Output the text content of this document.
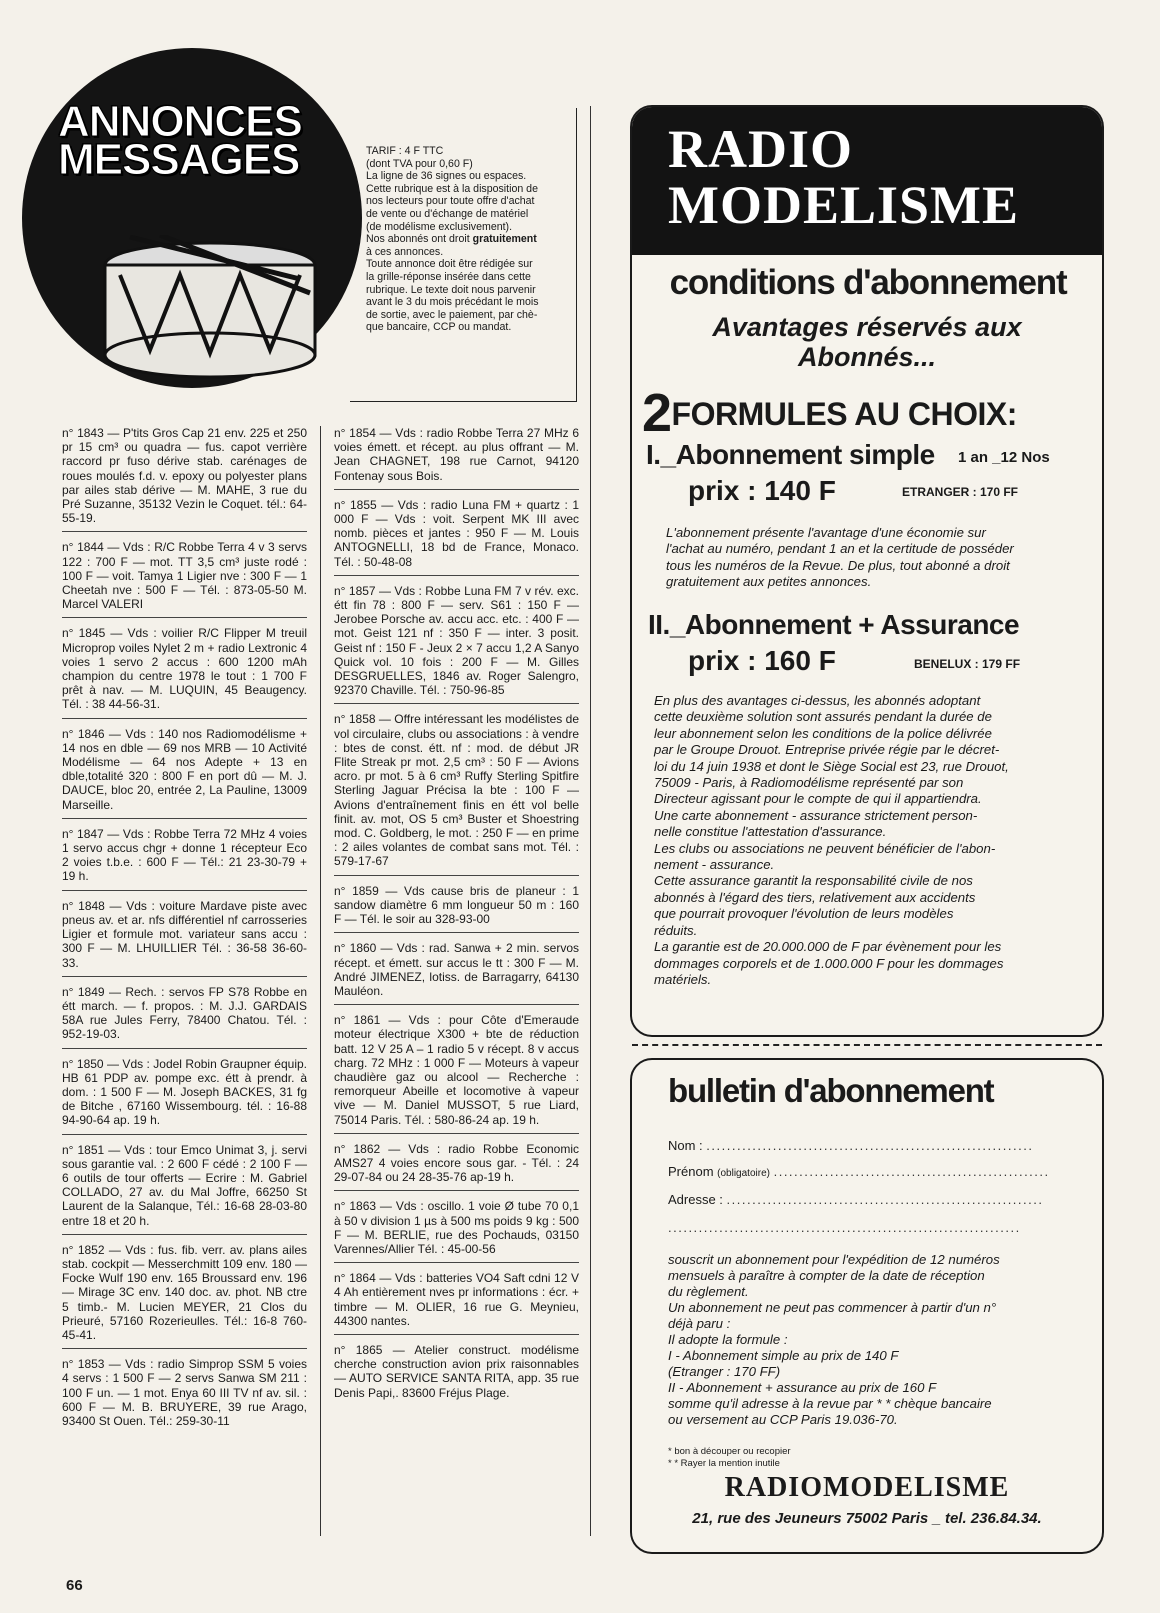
ANNONCES
MESSAGES	TARIF : 4 F TTC
(dont TVA pour 0,60 F)
La ligne de 36 signes ou espaces.
Cette rubrique est à la disposition de
nos lecteurs pour toute offre d'achat
de vente ou d'échange de matériel
(de modélisme exclusivement).
Nos abonnés ont droit gratuitement
à ces annonces.
Toute annonce doit être rédigée sur
la grille-réponse insérée dans cette
rubrique. Le texte doit nous parvenir
avant le 3 du mois précédant le mois
de sortie, avec le paiement, par chè-
que bancaire, CCP ou mandat.

n° 1843 — P'tits Gros Cap 21 env. 225 et 250 pr 15 cm³ ou quadra — fus. capot verrière raccord pr fuso dérive stab. carénages de roues moulés f.d. v. epoxy ou polyester plans par ailes stab dérive — M. MAHE, 3 rue du Pré Suzanne, 35132 Vezin le Coquet. tél.: 64-55-19.

n° 1844 — Vds : R/C Robbe Terra 4 v 3 servs 122 : 700 F — mot. TT 3,5 cm³ juste rodé : 100 F — voit. Tamya 1 Ligier nve : 300 F — 1 Cheetah nve : 500 F — Tél. : 873-05-50 M. Marcel VALERI

n° 1845 — Vds : voilier R/C Flipper M treuil Microprop voiles Nylet 2 m + radio Lextronic 4 voies 1 servo 2 accus : 600 1200 mAh champion du centre 1978 le tout : 1 700 F prêt à nav. — M. LUQUIN, 45 Beaugency. Tél. : 38 44-56-31.

n° 1846 — Vds : 140 nos Radiomodélisme + 14 nos en dble — 69 nos MRB — 10 Activité Modélisme — 64 nos Adepte + 13 en dble,totalité 320 : 800 F en port dû — M. J. DAUCE, bloc 20, entrée 2, La Pauline, 13009 Marseille.

n° 1847 — Vds : Robbe Terra 72 MHz 4 voies 1 servo accus chgr + donne 1 récepteur Eco 2 voies t.b.e. : 600 F — Tél.: 21 23-30-79 + 19 h.

n° 1848 — Vds : voiture Mardave piste avec pneus av. et ar. nfs différentiel nf carrosseries Ligier et formule mot. variateur sans accu : 300 F — M. LHUILLIER Tél. : 36-58 36-60-33.

n° 1849 — Rech. : servos FP S78 Robbe en étt march. — f. propos. : M. J.J. GARDAIS 58A rue Jules Ferry, 78400 Chatou. Tél. : 952-19-03.

n° 1850 — Vds : Jodel Robin Graupner équip. HB 61 PDP av. pompe exc. étt à prendr. à dom. : 1 500 F — M. Joseph BACKES, 31 fg de Bitche , 67160 Wissembourg. tél. : 16-88 94-90-64 ap. 19 h.

n° 1851 — Vds : tour Emco Unimat 3, j. servi sous garantie val. : 2 600 F cédé : 2 100 F — 6 outils de tour offerts — Ecrire : M. Gabriel COLLADO, 27 av. du Mal Joffre, 66250 St Laurent de la Salanque, Tél.: 16-68 28-03-80 entre 18 et 20 h.

n° 1852 — Vds : fus. fib. verr. av. plans ailes stab. cockpit — Messerchmitt 109 env. 180 — Focke Wulf 190 env. 165 Broussard env. 196 — Mirage 3C env. 140 doc. av. phot. NB ctre 5 timb.- M. Lucien MEYER, 21 Clos du Prieuré, 57160 Rozerieulles. Tél.: 16-8 760-45-41.

n° 1853 — Vds : radio Simprop SSM 5 voies 4 servs : 1 500 F — 2 servs Sanwa SM 211 : 100 F un. — 1 mot. Enya 60 III TV nf av. sil. : 600 F — M. B. BRUYERE, 39 rue Arago, 93400 St Ouen. Tél.: 259-30-11

n° 1854 — Vds : radio Robbe Terra 27 MHz 6 voies émett. et récept. au plus offrant — M. Jean CHAGNET, 198 rue Carnot, 94120 Fontenay sous Bois.

n° 1855 — Vds : radio Luna FM + quartz : 1 000 F — Vds : voit. Serpent MK III avec nomb. pièces et jantes : 950 F — M. Louis ANTOGNELLI, 18 bd de France, Monaco. Tél. : 50-48-08

n° 1857 — Vds : Robbe Luna FM 7 v rév. exc. étt fin 78 : 800 F — serv. S61 : 150 F — Jerobee Porsche av. accu acc. etc. : 400 F — mot. Geist 121 nf : 350 F — inter. 3 posit. Geist nf : 150 F - Jeux 2 × 7 accu 1,2 A Sanyo Quick vol. 10 fois : 200 F — M. Gilles DESGRUELLES, 1846 av. Roger Salengro, 92370 Chaville. Tél. : 750-96-85

n° 1858 — Offre intéressant les modélistes de vol circulaire, clubs ou associations : à vendre : btes de const. étt. nf : mod. de début JR Flite Streak pr mot. 2,5 cm³ : 50 F — Avions acro. pr mot. 5 à 6 cm³ Ruffy Sterling Spitfire Sterling Jaguar Précisa la bte : 100 F — Avions d'entraînement finis en étt vol belle finit. av. mot, OS 5 cm³ Buster et Shoestring mod. C. Goldberg, le mot. : 250 F — en prime : 2 ailes volantes de combat sans mot. Tél. : 579-17-67

n° 1859 — Vds cause bris de planeur : 1 sandow diamètre 6 mm longueur 50 m : 160 F — Tél. le soir au 328-93-00

n° 1860 — Vds : rad. Sanwa + 2 min. servos récept. et émett. sur accus le tt : 300 F — M. André JIMENEZ, lotiss. de Barragarry, 64130 Mauléon.

n° 1861 — Vds : pour Côte d'Emeraude moteur électrique X300 + bte de réduction batt. 12 V 25 A – 1 radio 5 v récept. 8 v accus charg. 72 MHz : 1 000 F — Moteurs à vapeur chaudière gaz ou alcool — Recherche : remorqueur Abeille et locomotive à vapeur vive — M. Daniel MUSSOT, 5 rue Liard, 75014 Paris. Tél. : 580-86-24 ap. 19 h.

n° 1862 — Vds : radio Robbe Economic AMS27 4 voies encore sous gar. - Tél. : 24 29-07-84 ou 24 28-35-76 ap-19 h.

n° 1863 — Vds : oscillo. 1 voie Ø tube 70 0,1 à 50 v division 1 µs à 500 ms poids 9 kg : 500 F — M. BERLIE, rue des Pochauds, 03150 Varennes/Allier Tél. : 45-00-56

n° 1864 — Vds : batteries VO4 Saft cdni 12 V 4 Ah entièrement nves pr informations : écr. + timbre — M. OLIER, 16 rue G. Meynieu, 44300 nantes.

n° 1865 — Atelier construct. modélisme cherche construction avion prix raisonnables — AUTO SERVICE SANTA RITA, app. 35 rue Denis Papi,. 83600 Fréjus Plage.

66
RADIO
MODELISME
conditions d'abonnement
Avantages réservés aux Abonnés...
2FORMULES AU CHOIX:
I._Abonnement simple 1 an _12 Nos
prix : 140 F	ETRANGER : 170 FF
L'abonnement présente l'avantage d'une économie sur
l'achat au numéro, pendant 1 an et la certitude de posséder
tous les numéros de la Revue. De plus, tout abonné a droit
gratuitement aux petites annonces.
II._Abonnement + Assurance
prix : 160 F	BENELUX : 179 FF
En plus des avantages ci-dessus, les abonnés adoptant
cette deuxième solution sont assurés pendant la durée de
leur abonnement selon les conditions de la police délivrée
par le Groupe Drouot. Entreprise privée régie par le décret-
loi du 14 juin 1938 et dont le Siège Social est 23, rue Drouot,
75009 - Paris, à Radiomodélisme représenté par son
Directeur agissant pour le compte de qui il appartiendra.
Une carte abonnement - assurance strictement person-
nelle constitue l'attestation d'assurance.
Les clubs ou associations ne peuvent bénéficier de l'abon-
nement - assurance.
Cette assurance garantit la responsabilité civile de nos
abonnés à l'égard des tiers, relativement aux accidents
que pourrait provoquer l'évolution de leurs modèles
réduits.
La garantie est de 20.000.000 de F par évènement pour les
dommages corporels et de 1.000.000 F pour les dommages
matériels.
bulletin d'abonnement
Nom : ................................................................
Prénom (obligatoire) ......................................................
Adresse : ..............................................................
.....................................................................
souscrit un abonnement pour l'expédition de 12 numéros
mensuels à paraître à compter de la date de réception
du règlement.
Un abonnement ne peut pas commencer à partir d'un n°
déjà paru :
Il adopte la formule :
I - Abonnement simple au prix de 140 F
(Etranger : 170 FF)
II - Abonnement + assurance au prix de 160 F
somme qu'il adresse à la revue par * * chèque bancaire
ou versement au CCP Paris 19.036-70.
* bon à découper ou recopier
* * Rayer la mention inutile
RADIOMODELISME
21, rue des Jeuneurs 75002 Paris _ tel. 236.84.34.
